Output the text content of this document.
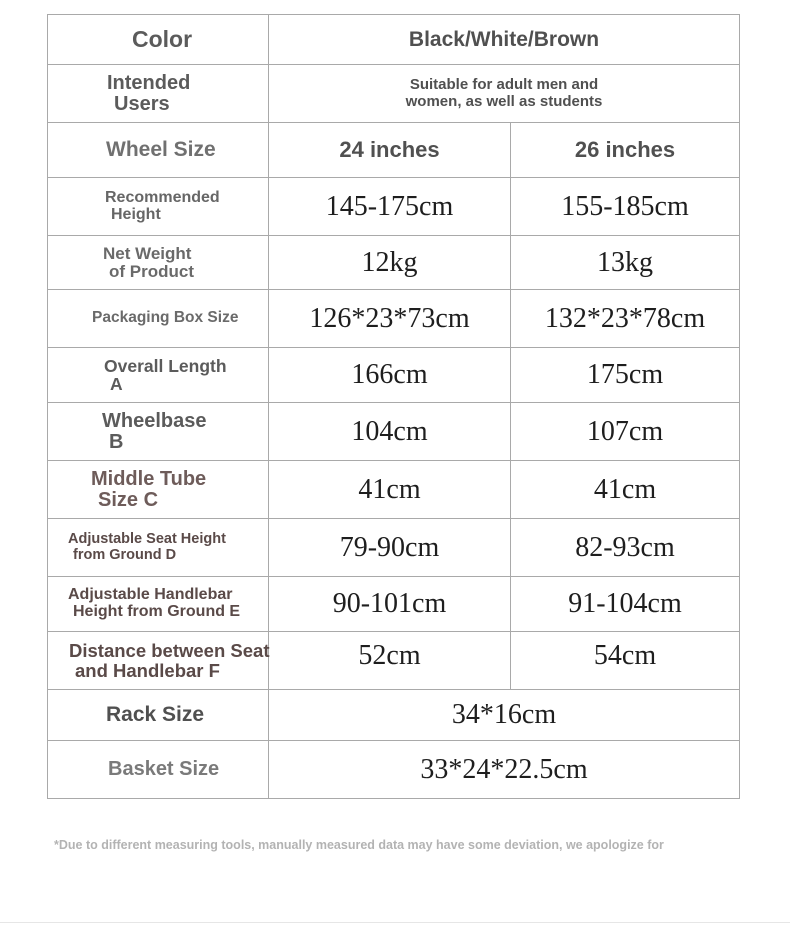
Color	Black/White/Brown	

Intended
Users	Suitable for adult men and
women, as well as students	

Wheel Size	24 inches	26 inches

Recommended
Height	145-175cm	155-185cm

Net Weight
of Product	12kg	13kg

Packaging Box Size	126*23*73cm	132*23*78cm

Overall Length
A	166cm	175cm

Wheelbase
B	104cm	107cm

Middle Tube
Size C	41cm	41cm

Adjustable Seat Height
from Ground D	79-90cm	82-93cm

Adjustable Handlebar
Height from Ground E	90-101cm	91-104cm

Distance between Seat
and Handlebar F	52cm	54cm

Rack Size	34*16cm	

Basket Size	33*24*22.5cm	
*Due to different measuring tools, manually measured data may have some deviation, we apologize for
